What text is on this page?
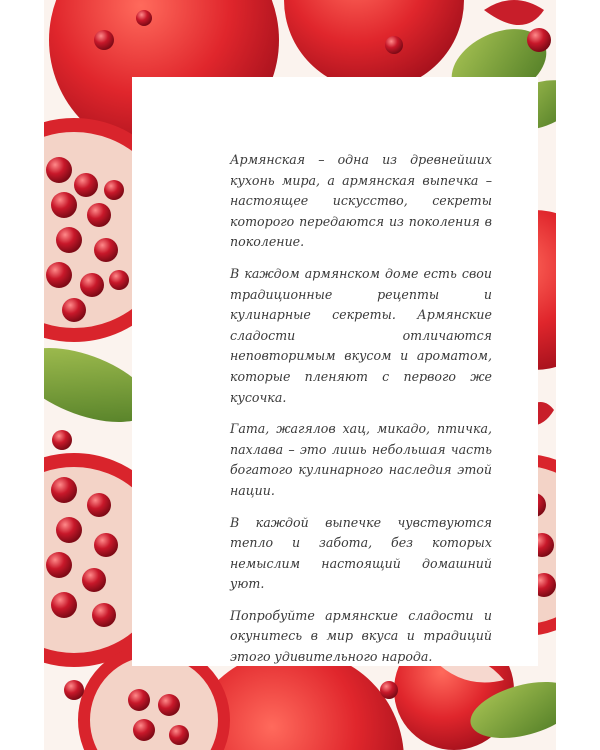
Армянская – одна из древнейших кухонь мира, а армянская выпечка – настоящее искусство, секреты которого передаются из поколения в поколение.

В каждом армянском доме есть свои традиционные рецепты и кулинарные секреты. Армянские сладости отличаются неповторимым вкусом и ароматом, которые пленяют с первого же кусочка.

Гата, жагялов хац, микадо, птичка, пахлава – это лишь небольшая часть богатого кулинарного наследия этой нации.

В каждой выпечке чувствуются тепло и забота, без которых немыслим настоящий домашний уют.

Попробуйте армянские сладости и окунитесь в мир вкуса и традиций этого удивительного народа.
